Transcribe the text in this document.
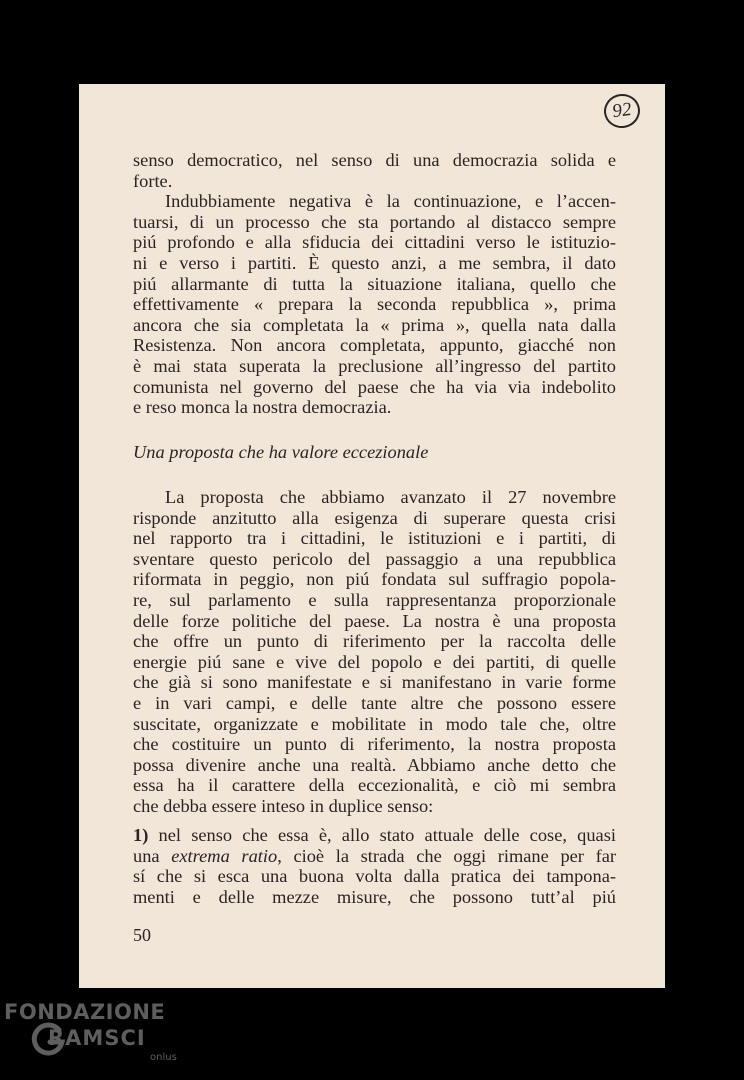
92

senso democratico, nel senso di una democrazia solida e

forte.

Indubbiamente negativa è la continuazione, e l’accen-

tuarsi, di un processo che sta portando al distacco sempre

piú profondo e alla sfiducia dei cittadini verso le istituzio-

ni e verso i partiti. È questo anzi, a me sembra, il dato

piú allarmante di tutta la situazione italiana, quello che

effettivamente « prepara la seconda repubblica », prima

ancora che sia completata la « prima », quella nata dalla

Resistenza. Non ancora completata, appunto, giacché non

è mai stata superata la preclusione all’ingresso del partito

comunista nel governo del paese che ha via via indebolito

e reso monca la nostra democrazia.

Una proposta che ha valore eccezionale

La proposta che abbiamo avanzato il 27 novembre

risponde anzitutto alla esigenza di superare questa crisi

nel rapporto tra i cittadini, le istituzioni e i partiti, di

sventare questo pericolo del passaggio a una repubblica

riformata in peggio, non piú fondata sul suffragio popola-

re, sul parlamento e sulla rappresentanza proporzionale

delle forze politiche del paese. La nostra è una proposta

che offre un punto di riferimento per la raccolta delle

energie piú sane e vive del popolo e dei partiti, di quelle

che già si sono manifestate e si manifestano in varie forme

e in vari campi, e delle tante altre che possono essere

suscitate, organizzate e mobilitate in modo tale che, oltre

che costituire un punto di riferimento, la nostra proposta

possa divenire anche una realtà. Abbiamo anche detto che

essa ha il carattere della eccezionalità, e ciò mi sembra

che debba essere inteso in duplice senso:

1) nel senso che essa è, allo stato attuale delle cose, quasi

una extrema ratio, cioè la strada che oggi rimane per far

sí che si esca una buona volta dalla pratica dei tampona-

menti e delle mezze misure, che possono tutt’al piú

50
FONDAZIONE
RAMSCI
onlus
